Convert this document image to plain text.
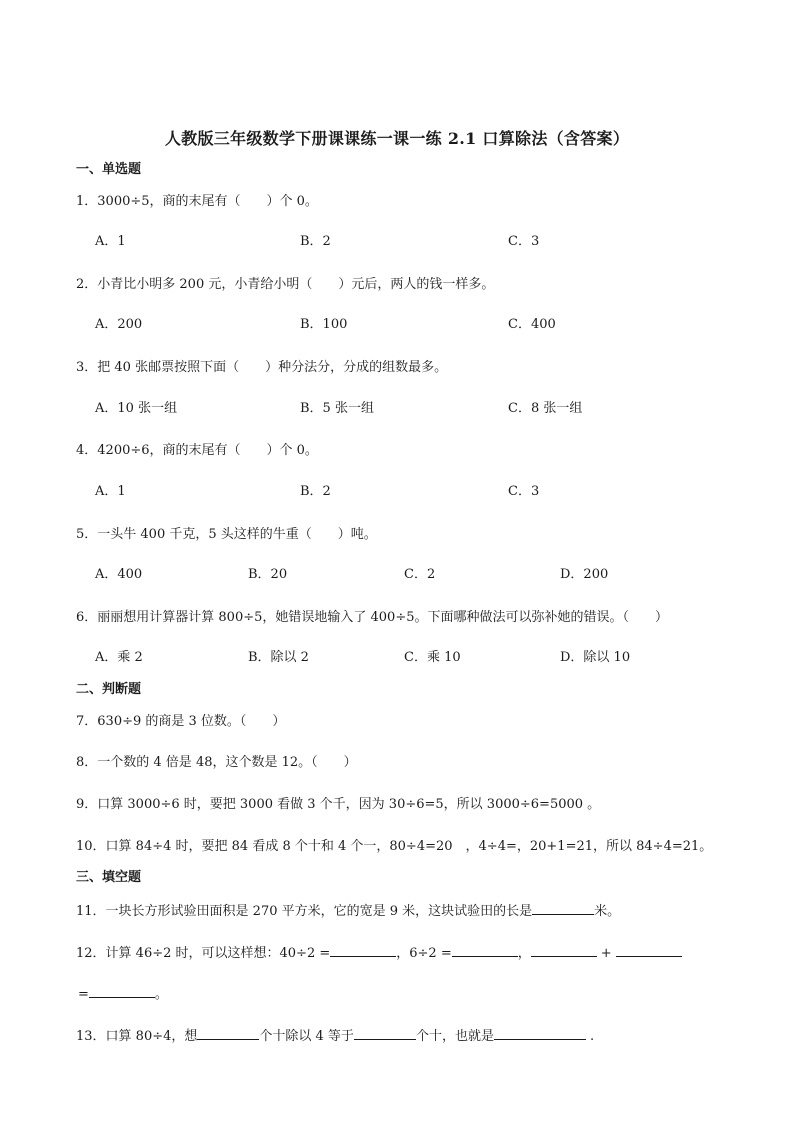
人教版三年级数学下册课课练一课一练 2.1 口算除法（含答案）
一、单选题
1．3000÷5，商的末尾有（　　）个 0。
A．1	B．2	C．3
2．小青比小明多 200 元，小青给小明（　　）元后，两人的钱一样多。
A．200	B．100	C．400
3．把 40 张邮票按照下面（　　）种分法分，分成的组数最多。
A．10 张一组	B．5 张一组	C．8 张一组
4．4200÷6，商的末尾有（　　）个 0。
A．1	B．2	C．3
5．一头牛 400 千克，5 头这样的牛重（　　）吨。
A．400	B．20	C．2	D．200
6．丽丽想用计算器计算 800÷5，她错误地输入了 400÷5。下面哪种做法可以弥补她的错误。（　　）
A．乘 2	B．除以 2	C．乘 10	D．除以 10
二、判断题
7．630÷9 的商是 3 位数。（　　）
8．一个数的 4 倍是 48，这个数是 12。（　　）
9．口算 3000÷6 时，要把 3000 看做 3 个千，因为 30÷6=5，所以 3000÷6=5000 。
10．口算 84÷4 时，要把 84 看成 8 个十和 4 个一，80÷4=20　，4÷4=，20+1=21，所以 84÷4=21。
三、填空题
11．一块长方形试验田面积是 270 平方米，它的宽是 9 米，这块试验田的长是	米。
12．计算 46÷2 时，可以这样想：40÷2 =	，6÷2 =	，	+
=	。
13．口算 80÷4，想	个十除以 4 等于	个十，也就是	.
